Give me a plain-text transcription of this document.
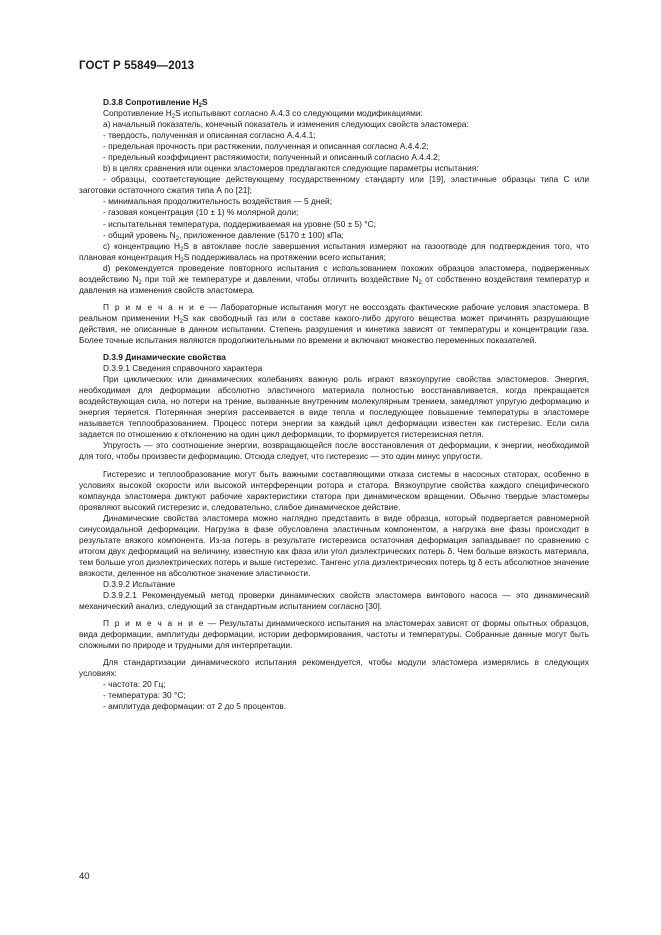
ГОСТ Р 55849—2013

D.3.8 Сопротивление $H_2S$

Сопротивление $H_2S$ испытывают согласно А.4.3 со следующими модификациями:

а) начальный показатель, конечный показатель и изменения следующих свойств эластомера:

- твердость, полученная и описанная согласно А.4.4.1;

- предельная прочность при растяжении, полученная и описанная согласно А.4.4.2;

- предельный коэффициент растяжимости, полученный и описанный согласно А.4.4.2;

b) в целях сравнения или оценки эластомеров предлагаются следующие параметры испытания:

- образцы, соответствующие действующему государственному стандарту или [19], эластичные образцы типа С или заготовки остаточного сжатия типа А по [21];

- минимальная продолжительность воздействия — 5 дней;

- газовая концентрация (10 ± 1) % молярной доли;

- испытательная температура, поддерживаемая на уровне (50 ± 5) °С;

- общий уровень $N_2$, приложенное давление (5170 ± 100) кПа;

с) концентрацию $H_2S$ в автоклаве после завершения испытания измеряют на газоотводе для подтверждения того, что плановая концентрация $H_2S$ поддерживалась на протяжении всего испытания;

d) рекомендуется проведение повторного испытания с использованием похожих образцов эластомера, подверженных воздействию $N_2$ при той же температуре и давлении, чтобы отличить воздействие $N_2$ от собственно воздействия температур и давления на изменения свойств эластомера.

П р и м е ч а н и е — Лабораторные испытания могут не воссоздать фактические рабочие условия эластомера. В реальном применении $H_2S$ как свободный газ или в составе какого-либо другого вещества может причинять разрушающие действия, не описанные в данном испытании. Степень разрушения и кинетика зависят от температуры и концентрации газа. Более точные испытания являются продолжительными по времени и включают множество переменных показателей.

D.3.9 Динамические свойства

D.3.9.1 Сведения справочного характера

При циклических или динамических колебаниях важную роль играют вязкоупругие свойства эластомеров. Энергия, необходимая для деформации абсолютно эластичного материала полностью восстанавливается, когда прекращается воздействующая сила, но потери на трение, вызванные внутренним молекулярным трением, замедляют упругую деформацию и энергия теряется. Потерянная энергия рассеивается в виде тепла и последующее повышение температуры в эластомере называется теплообразованием. Процесс потери энергии за каждый цикл деформации известен как гистерезис. Если сила задается по отношению к отклонению на один цикл деформации, то формируется гистерезисная петля.

Упругость — это соотношение энергии, возвращающейся после восстановления от деформации, к энергии, необходимой для того, чтобы произвести деформацию. Отсюда следует, что гистерезис — это один минус упругости.

Гистерезис и теплообразование могут быть важными составляющими отказа системы в насосных статорах, особенно в условиях высокой скорости или высокой интерференции ротора и статора. Вязкоупругие свойства каждого специфического компаунда эластомера диктуют рабочие характеристики статора при динамическом вращении. Обычно твердые эластомеры проявляют высокий гистерезис и, следовательно, слабое динамическое действие.

Динамические свойства эластомера можно наглядно представить в виде образца, который подвергается равномерной синусоидальной деформации. Нагрузка в фазе обусловлена эластичным компонентом, а нагрузка вне фазы происходит в результате вязкого компонента. Из-за потерь в результате гистерезиса остаточная деформация запаздывает по сравнению с итогом двух деформаций на величину, известную как фаза или угол диэлектрических потерь δ. Чем больше вязкость материала, тем больше угол диэлектрических потерь и выше гистерезис. Тангенс угла диэлектрических потерь tg δ есть абсолютное значение вязкости, деленное на абсолютное значение эластичности.

D.3.9.2 Испытание

D.3.9.2.1 Рекомендуемый метод проверки динамических свойств эластомера винтового насоса — это динамический механический анализ, следующий за стандартным испытанием согласно [30].

П р и м е ч а н и е — Результаты динамического испытания на эластомерах зависят от формы опытных образцов, вида деформации, амплитуды деформации, истории деформирования, частоты и температуры. Собранные данные могут быть сложными по природе и трудными для интерпретации.

Для стандартизации динамического испытания рекомендуется, чтобы модули эластомера измерялись в следующих условиях:

- частота: 20 Гц;

- температура: 30 °С;

- амплитуда деформации: от 2 до 5 процентов.

40
